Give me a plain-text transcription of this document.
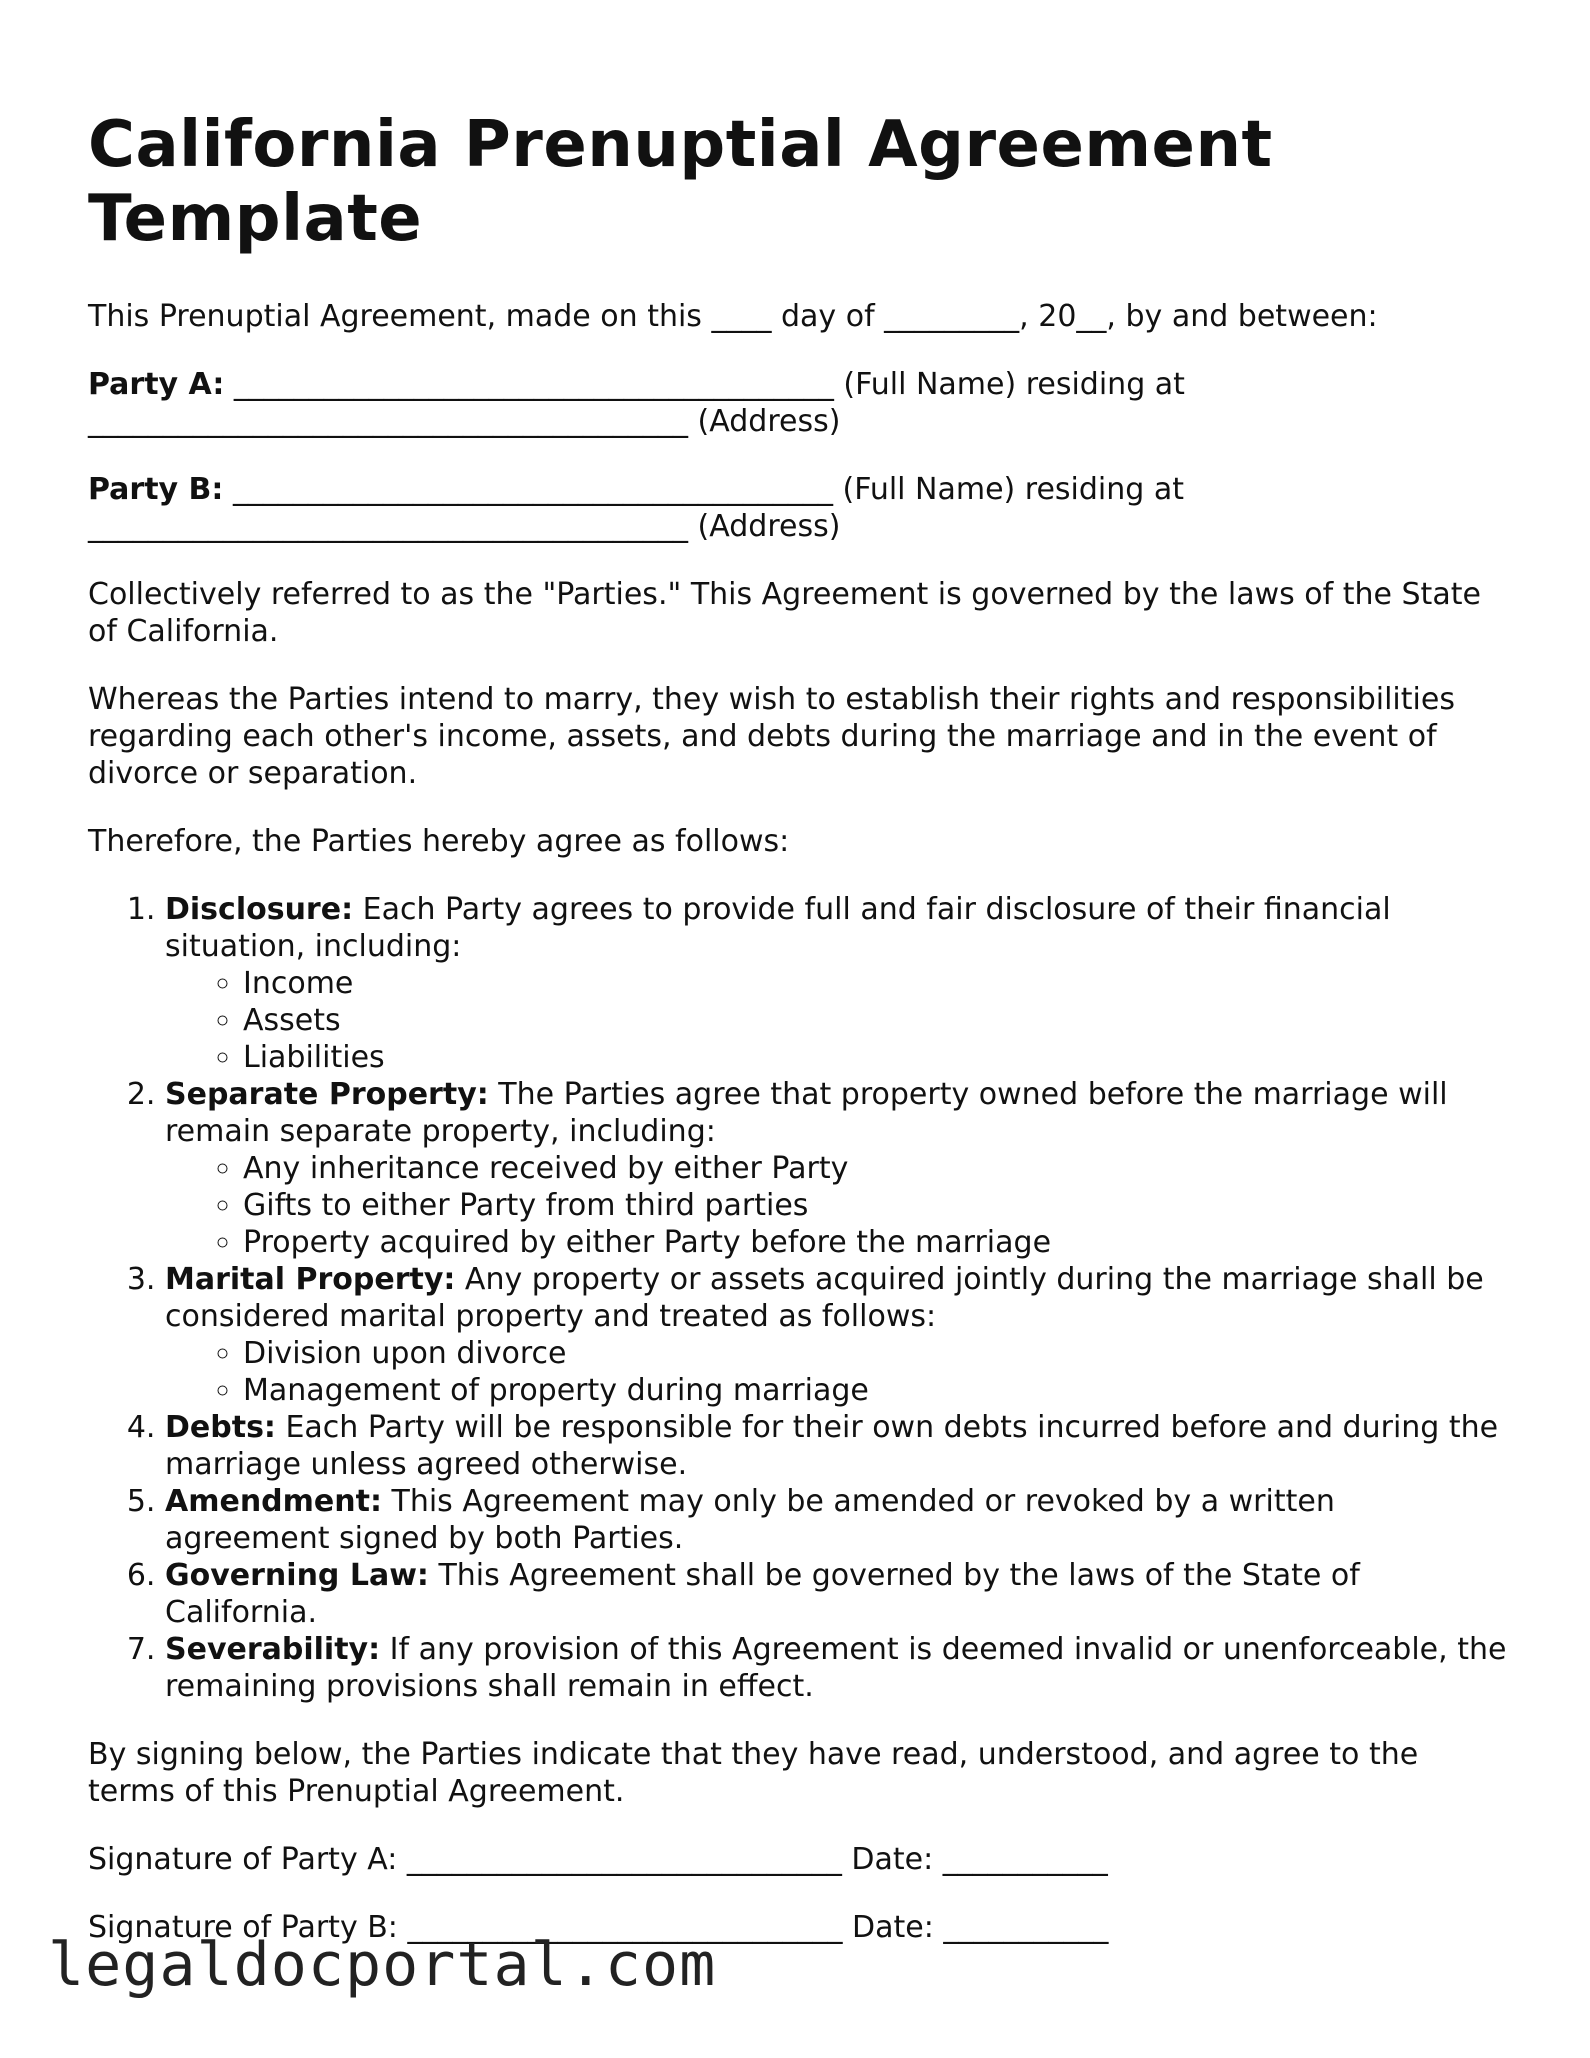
California Prenuptial Agreement Template

This Prenuptial Agreement, made on this ____ day of _________, 20__, by and between:

Party A: ________________________________________ (Full Name) residing at ________________________________________ (Address)

Party B: ________________________________________ (Full Name) residing at ________________________________________ (Address)

Collectively referred to as the "Parties." This Agreement is governed by the laws of the State of California.

Whereas the Parties intend to marry, they wish to establish their rights and responsibilities regarding each other's income, assets, and debts during the marriage and in the event of divorce or separation.

Therefore, the Parties hereby agree as follows:

1. Disclosure: Each Party agrees to provide full and fair disclosure of their financial situation, including:
◦ Income
◦ Assets
◦ Liabilities
2. Separate Property: The Parties agree that property owned before the marriage will remain separate property, including:
◦ Any inheritance received by either Party
◦ Gifts to either Party from third parties
◦ Property acquired by either Party before the marriage
3. Marital Property: Any property or assets acquired jointly during the marriage shall be considered marital property and treated as follows:
◦ Division upon divorce
◦ Management of property during marriage
4. Debts: Each Party will be responsible for their own debts incurred before and during the marriage unless agreed otherwise.
5. Amendment: This Agreement may only be amended or revoked by a written agreement signed by both Parties.
6. Governing Law: This Agreement shall be governed by the laws of the State of California.
7. Severability: If any provision of this Agreement is deemed invalid or unenforceable, the remaining provisions shall remain in effect.

By signing below, the Parties indicate that they have read, understood, and agree to the terms of this Prenuptial Agreement.

Signature of Party A: _____________________________ Date: ___________

Signature of Party B: _____________________________ Date: ___________

legaldocportal.com
